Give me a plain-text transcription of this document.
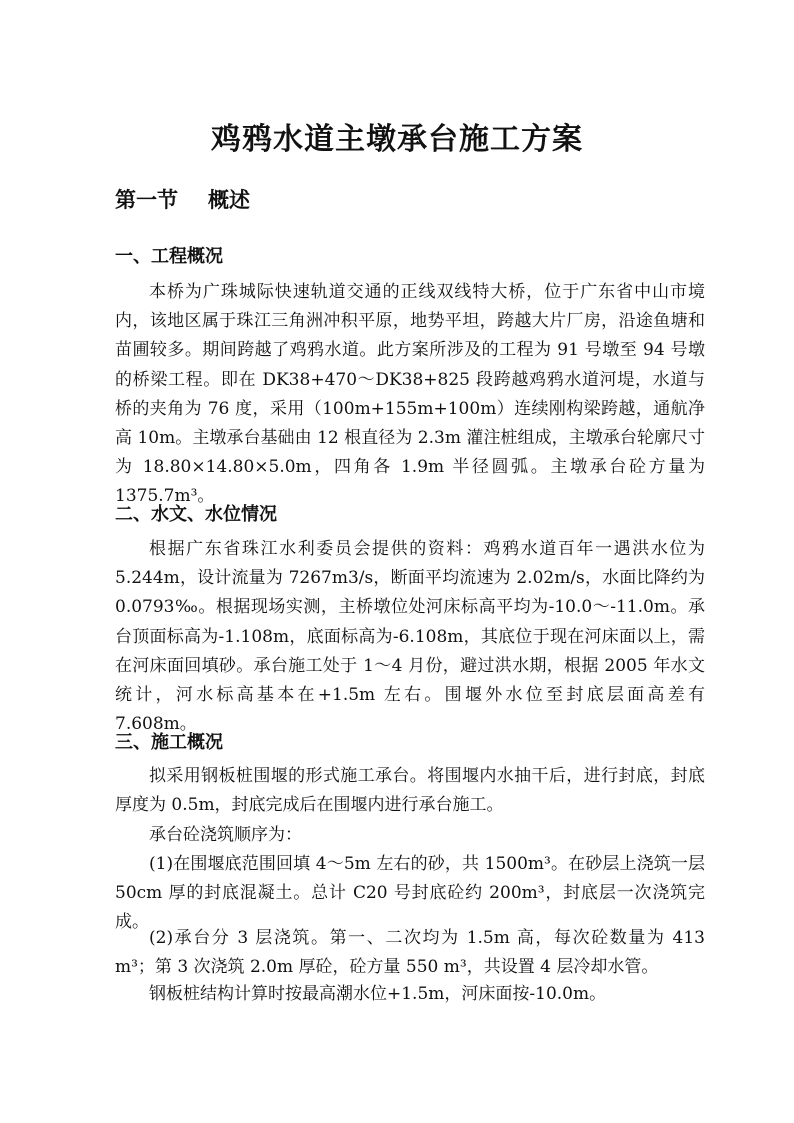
鸡鸦水道主墩承台施工方案
第一节 概述
一、工程概况

本桥为广珠城际快速轨道交通的正线双线特大桥，位于广东省中山市境内，该地区属于珠江三角洲冲积平原，地势平坦，跨越大片厂房，沿途鱼塘和苗圃较多。期间跨越了鸡鸦水道。此方案所涉及的工程为 91 号墩至 94 号墩的桥梁工程。即在 DK38+470～DK38+825 段跨越鸡鸦水道河堤，水道与桥的夹角为 76 度，采用（100m+155m+100m）连续刚构梁跨越，通航净高 10m。主墩承台基础由 12 根直径为 2.3m 灌注桩组成，主墩承台轮廓尺寸为 18.80×14.80×5.0m，四角各 1.9m 半径圆弧。主墩承台砼方量为 1375.7m³。

二、水文、水位情况

根据广东省珠江水利委员会提供的资料：鸡鸦水道百年一遇洪水位为 5.244m，设计流量为 7267m3/s，断面平均流速为 2.02m/s，水面比降约为 0.0793‰。根据现场实测，主桥墩位处河床标高平均为-10.0～-11.0m。承台顶面标高为-1.108m，底面标高为-6.108m，其底位于现在河床面以上，需在河床面回填砂。承台施工处于 1～4 月份，避过洪水期，根据 2005 年水文统计，河水标高基本在+1.5m 左右。围堰外水位至封底层面高差有 7.608m。

三、施工概况

拟采用钢板桩围堰的形式施工承台。将围堰内水抽干后，进行封底，封底厚度为 0.5m，封底完成后在围堰内进行承台施工。

承台砼浇筑顺序为：

(1)在围堰底范围回填 4～5m 左右的砂，共 1500m³。在砂层上浇筑一层 50cm 厚的封底混凝土。总计 C20 号封底砼约 200m³，封底层一次浇筑完成。

(2)承台分 3 层浇筑。第一、二次均为 1.5m 高，每次砼数量为 413 m³；第 3 次浇筑 2.0m 厚砼，砼方量 550 m³，共设置 4 层冷却水管。

钢板桩结构计算时按最高潮水位+1.5m，河床面按-10.0m。
